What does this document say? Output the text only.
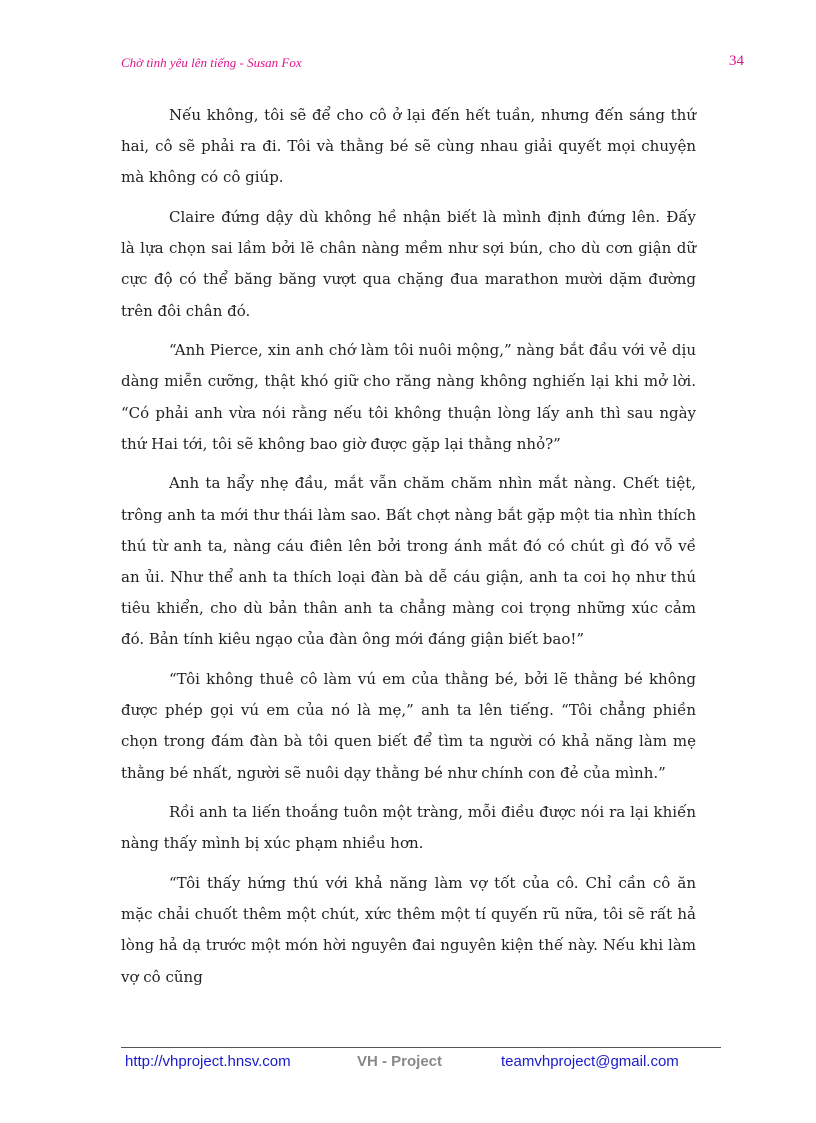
Chờ tình yêu lên tiếng - Susan Fox	34

Nếu không, tôi sẽ để cho cô ở lại đến hết tuần, nhưng đến sáng thứ hai, cô sẽ phải ra đi. Tôi và thằng bé sẽ cùng nhau giải quyết mọi chuyện mà không có cô giúp.

Claire đứng dậy dù không hề nhận biết là mình định đứng lên. Đấy là lựa chọn sai lầm bởi lẽ chân nàng mềm như sợi bún, cho dù cơn giận dữ cực độ có thể băng băng vượt qua chặng đua marathon mười dặm đường trên đôi chân đó.

“Anh Pierce, xin anh chớ làm tôi nuôi mộng,” nàng bắt đầu với vẻ dịu dàng miễn cưỡng, thật khó giữ cho răng nàng không nghiến lại khi mở lời. “Có phải anh vừa nói rằng nếu tôi không thuận lòng lấy anh thì sau ngày thứ Hai tới, tôi sẽ không bao giờ được gặp lại thằng nhỏ?”

Anh ta hẩy nhẹ đầu, mắt vẫn chăm chăm nhìn mắt nàng. Chết tiệt, trông anh ta mới thư thái làm sao. Bất chợt nàng bắt gặp một tia nhìn thích thú từ anh ta, nàng cáu điên lên bởi trong ánh mắt đó có chút gì đó vỗ về an ủi. Như thể anh ta thích loại đàn bà dễ cáu giận, anh ta coi họ như thú tiêu khiển, cho dù bản thân anh ta chẳng màng coi trọng những xúc cảm đó. Bản tính kiêu ngạo của đàn ông mới đáng giận biết bao!”

“Tôi không thuê cô làm vú em của thằng bé, bởi lẽ thằng bé không được phép gọi vú em của nó là mẹ,” anh ta lên tiếng. “Tôi chẳng phiền chọn trong đám đàn bà tôi quen biết để tìm ta người có khả năng làm mẹ thằng bé nhất, người sẽ nuôi dạy thằng bé như chính con đẻ của mình.”

Rồi anh ta liến thoắng tuôn một tràng, mỗi điều được nói ra lại khiến nàng thấy mình bị xúc phạm nhiều hơn.

“Tôi thấy hứng thú với khả năng làm vợ tốt của cô. Chỉ cần cô ăn mặc chải chuốt thêm một chút, xức thêm một tí quyến rũ nữa, tôi sẽ rất hả lòng hả dạ trước một món hời nguyên đai nguyên kiện thế này. Nếu khi làm vợ cô cũng

http://vhproject.hnsv.com	VH - Project	teamvhproject@gmail.com
